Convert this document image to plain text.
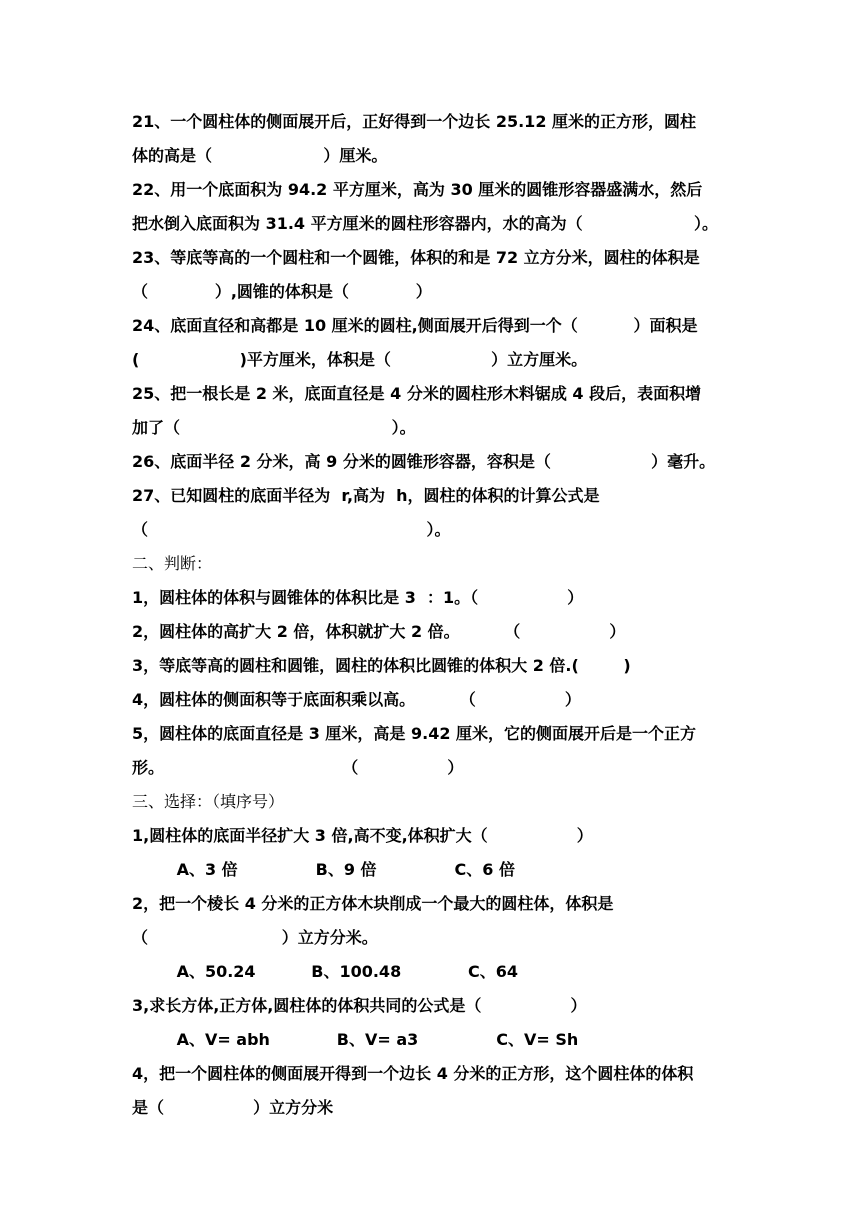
21、一个圆柱体的侧面展开后，正好得到一个边长 25.12 厘米的正方形，圆柱
体的高是（                    ）厘米。
22、用一个底面积为 94.2 平方厘米，高为 30 厘米的圆锥形容器盛满水，然后
把水倒入底面积为 31.4 平方厘米的圆柱形容器内，水的高为（                    ）。
23、等底等高的一个圆柱和一个圆锥，体积的和是 72 立方分米，圆柱的体积是
（            ）,圆锥的体积是（            ）
24、底面直径和高都是 10 厘米的圆柱,侧面展开后得到一个（          ）面积是
(                  )平方厘米，体积是（                  ）立方厘米。
25、把一根长是 2 米，底面直径是 4 分米的圆柱形木料锯成 4 段后，表面积增
加了（                                      ）。
26、底面半径 2 分米，高 9 分米的圆锥形容器，容积是（                  ）毫升。
27、已知圆柱的底面半径为  r,高为  h，圆柱的体积的计算公式是
（                                                  ）。
二、判断：
1，圆柱体的体积与圆锥体的体积比是 3  ：1。（                ）
2，圆柱体的高扩大 2 倍，体积就扩大 2 倍。        （                ）
3，等底等高的圆柱和圆锥，圆柱的体积比圆锥的体积大 2 倍.(        )
4，圆柱体的侧面积等于底面积乘以高。        （                ）
5，圆柱体的底面直径是 3 厘米，高是 9.42 厘米，它的侧面展开后是一个正方
形。                                （                ）
三、选择：（填序号）
1,圆柱体的底面半径扩大 3 倍,高不变,体积扩大（                ）
A、3 倍              B、9 倍              C、6 倍
2，把一个棱长 4 分米的正方体木块削成一个最大的圆柱体，体积是
（                        ）立方分米。
A、50.24          B、100.48            C、64
3,求长方体,正方体,圆柱体的体积共同的公式是（                ）
A、V= abh            B、V= a3              C、V= Sh
4，把一个圆柱体的侧面展开得到一个边长 4 分米的正方形，这个圆柱体的体积
是（                ）立方分米
